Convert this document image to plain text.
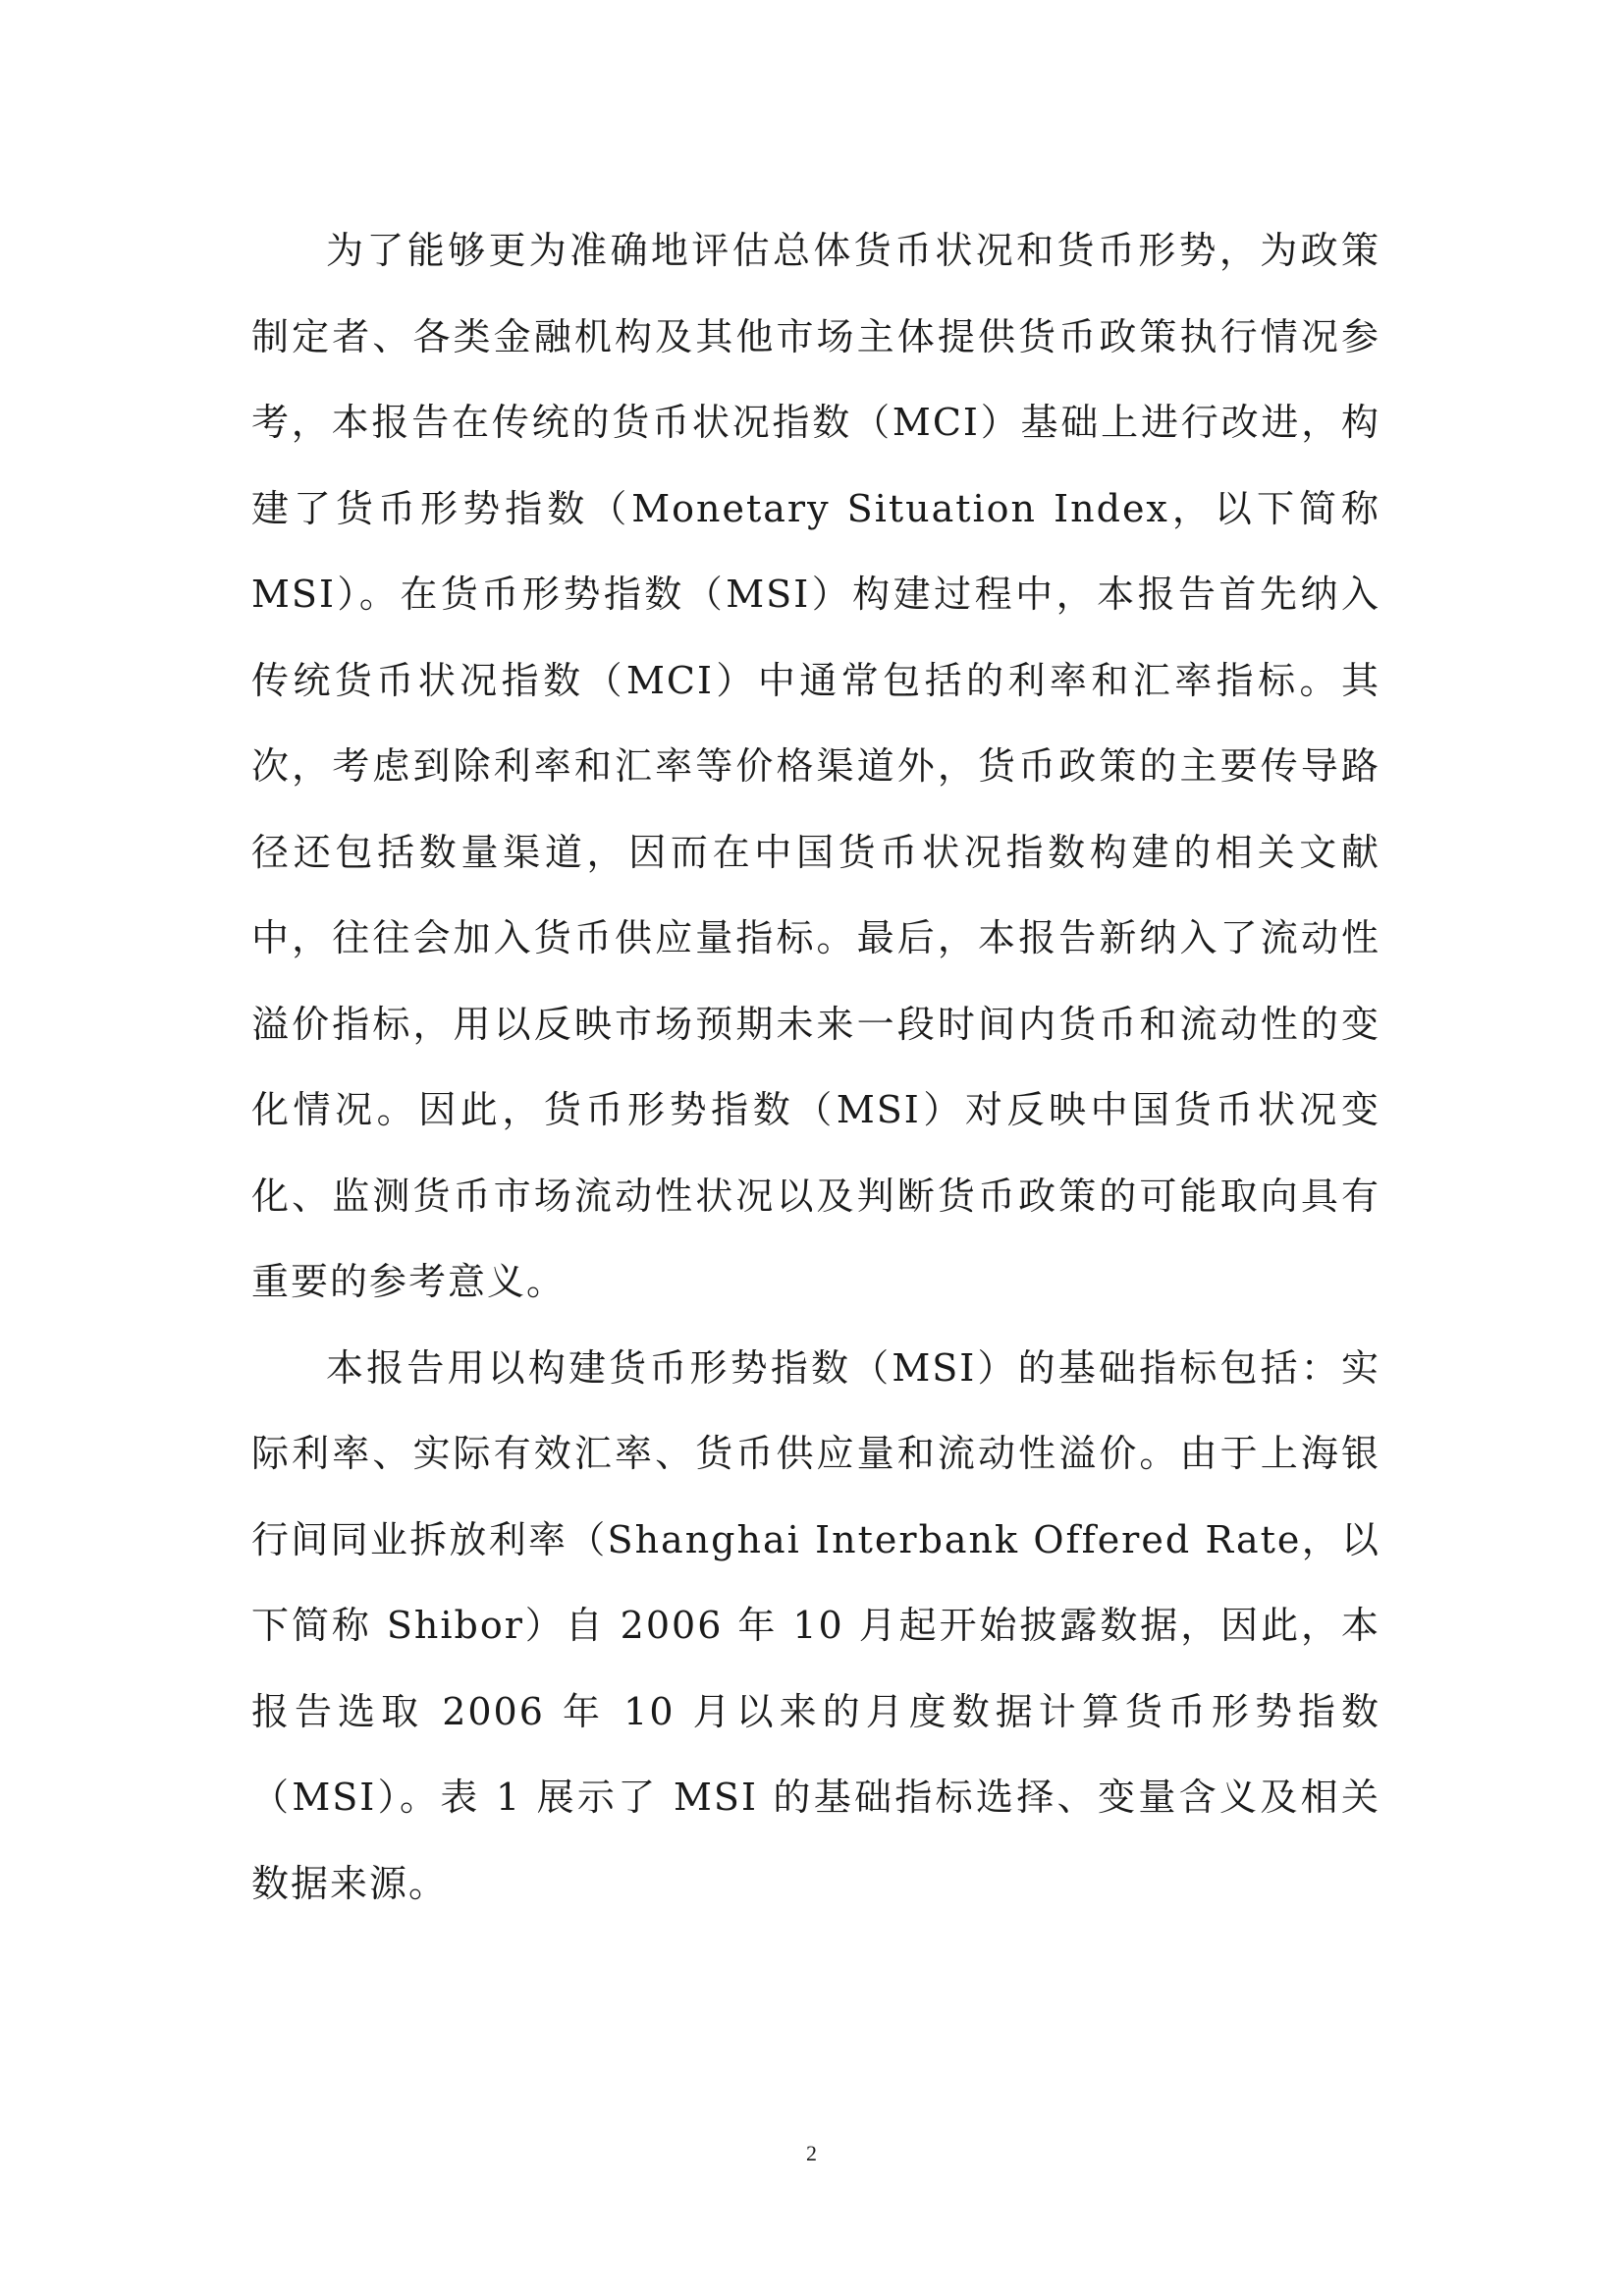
为了能够更为准确地评估总体货币状况和货币形势，为政策制定者、各类金融机构及其他市场主体提供货币政策执行情况参考，本报告在传统的货币状况指数（MCI）基础上进行改进，构建了货币形势指数（Monetary Situation Index，以下简称 MSI）。在货币形势指数（MSI）构建过程中，本报告首先纳入传统货币状况指数（MCI）中通常包括的利率和汇率指标。其次，考虑到除利率和汇率等价格渠道外，货币政策的主要传导路径还包括数量渠道，因而在中国货币状况指数构建的相关文献中，往往会加入货币供应量指标。最后，本报告新纳入了流动性溢价指标，用以反映市场预期未来一段时间内货币和流动性的变化情况。因此，货币形势指数（MSI）对反映中国货币状况变化、监测货币市场流动性状况以及判断货币政策的可能取向具有重要的参考意义。

本报告用以构建货币形势指数（MSI）的基础指标包括：实际利率、实际有效汇率、货币供应量和流动性溢价。由于上海银行间同业拆放利率（Shanghai Interbank Offered Rate，以下简称 Shibor）自 2006 年 10 月起开始披露数据，因此，本报告选取 2006 年 10 月以来的月度数据计算货币形势指数（MSI）。表 1 展示了 MSI 的基础指标选择、变量含义及相关数据来源。

2
